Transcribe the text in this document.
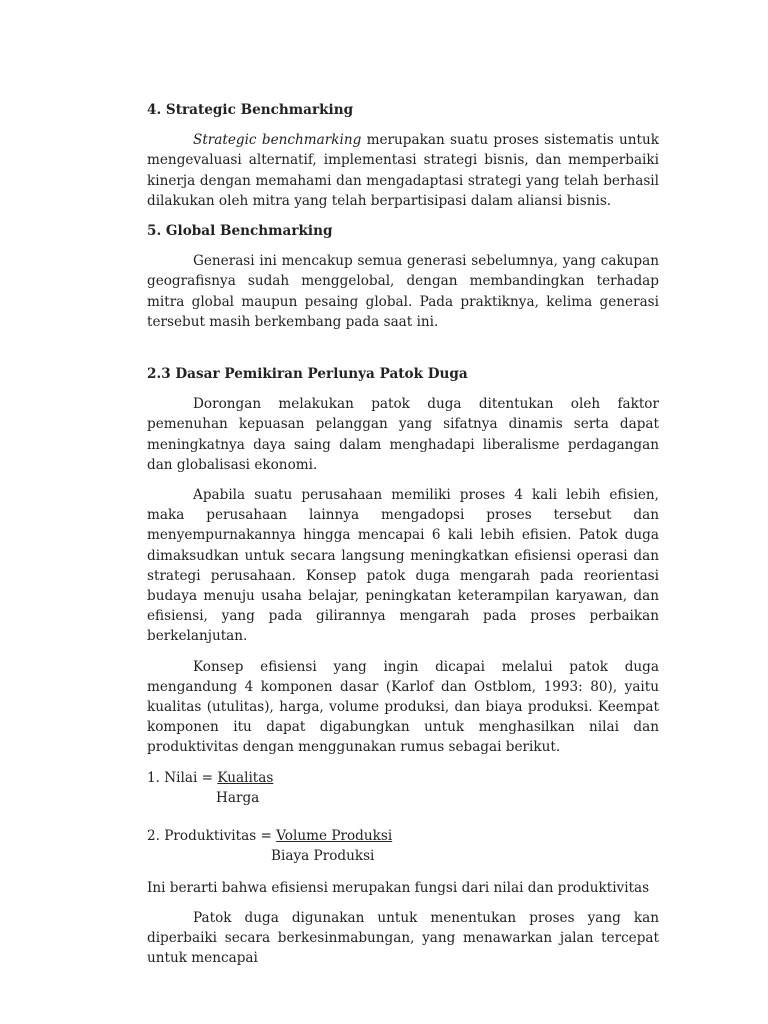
4. Strategic Benchmarking

Strategic benchmarking merupakan suatu proses sistematis untuk mengevaluasi alternatif, implementasi strategi bisnis, dan memperbaiki kinerja dengan memahami dan mengadaptasi strategi yang telah berhasil dilakukan oleh mitra yang telah berpartisipasi dalam aliansi bisnis.

5. Global Benchmarking

Generasi ini mencakup semua generasi sebelumnya, yang cakupan geografisnya sudah menggelobal, dengan membandingkan terhadap mitra global maupun pesaing global. Pada praktiknya, kelima generasi tersebut masih berkembang pada saat ini.

2.3 Dasar Pemikiran Perlunya Patok Duga

Dorongan melakukan patok duga ditentukan oleh faktor pemenuhan kepuasan pelanggan yang sifatnya dinamis serta dapat meningkatnya daya saing dalam menghadapi liberalisme perdagangan dan globalisasi ekonomi.

Apabila suatu perusahaan memiliki proses 4 kali lebih efisien, maka perusahaan lainnya mengadopsi proses tersebut dan menyempurnakannya hingga mencapai 6 kali lebih efisien. Patok duga dimaksudkan untuk secara langsung meningkatkan efisiensi operasi dan strategi perusahaan. Konsep patok duga mengarah pada reorientasi budaya menuju usaha belajar, peningkatan keterampilan karyawan, dan efisiensi, yang pada gilirannya mengarah pada proses perbaikan berkelanjutan.

Konsep efisiensi yang ingin dicapai melalui patok duga mengandung 4 komponen dasar (Karlof dan Ostblom, 1993: 80), yaitu kualitas (utulitas), harga, volume produksi, dan biaya produksi. Keempat komponen itu dapat digabungkan untuk menghasilkan nilai dan produktivitas dengan menggunakan rumus sebagai berikut.

1. Nilai = Kualitas
Harga
2. Produktivitas = Volume Produksi
Biaya Produksi

Ini berarti bahwa efisiensi merupakan fungsi dari nilai dan produktivitas

Patok duga digunakan untuk menentukan proses yang kan diperbaiki secara berkesinmabungan, yang menawarkan jalan tercepat untuk mencapai
